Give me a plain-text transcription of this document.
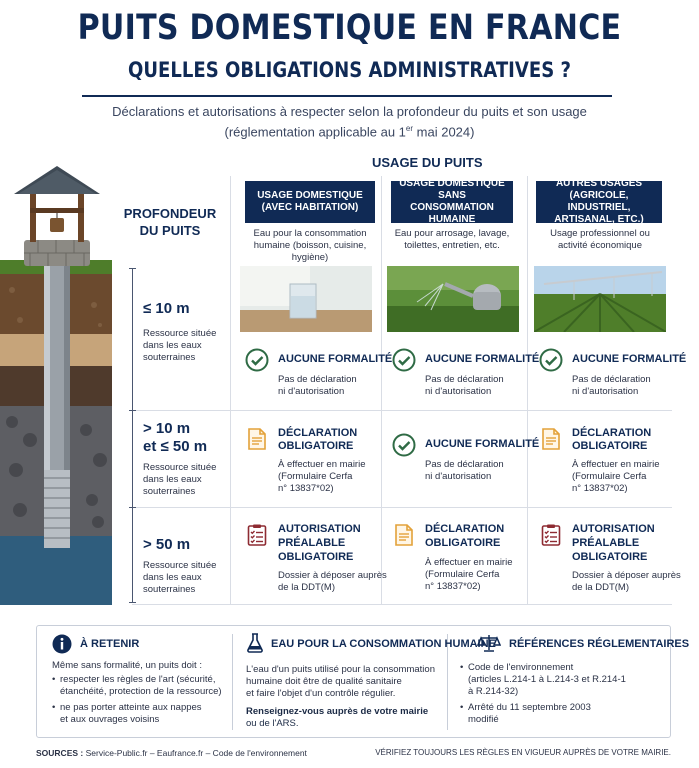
PUITS DOMESTIQUE EN FRANCE
QUELLES OBLIGATIONS ADMINISTRATIVES ?
Déclarations et autorisations à respecter selon la profondeur du puits et son usage
(réglementation applicable au 1er mai 2024)
USAGE DU PUITS
PROFONDEUR DU PUITS
USAGE DOMESTIQUE (AVEC HABITATION)
USAGE DOMESTIQUE SANS CONSOMMATION HUMAINE
AUTRES USAGES (AGRICOLE, INDUSTRIEL, ARTISANAL, ETC.)
Eau pour la consommation humaine (boisson, cuisine, hygiène)
Eau pour arrosage, lavage, toilettes, entretien, etc.
Usage professionnel ou activité économique
≤ 10 m
Ressource située dans les eaux souterraines	AUCUNE FORMALITÉ
Pas de déclaration
ni d'autorisation
AUCUNE FORMALITÉ
Pas de déclaration
ni d'autorisation
AUCUNE FORMALITÉ
Pas de déclaration
ni d'autorisation
> 10 m
et ≤ 50 m
Ressource située dans les eaux souterraines
DÉCLARATION
OBLIGATOIRE
À effectuer en mairie
(Formulaire Cerfa
n° 13837*02)
AUCUNE FORMALITÉ
Pas de déclaration
ni d'autorisation
DÉCLARATION
OBLIGATOIRE
À effectuer en mairie
(Formulaire Cerfa
n° 13837*02)
> 50 m
Ressource située dans les eaux souterraines
AUTORISATION
PRÉALABLE
OBLIGATOIRE
Dossier à déposer auprès
de la DDT(M)
DÉCLARATION
OBLIGATOIRE
À effectuer en mairie
(Formulaire Cerfa
n° 13837*02)
AUTORISATION
PRÉALABLE
OBLIGATOIRE
Dossier à déposer auprès
de la DDT(M)
À RETENIR
Même sans formalité, un puits doit :
• respecter les règles de l'art (sécurité,
étanchéité, protection de la ressource)
• ne pas porter atteinte aux nappes
et aux ouvrages voisins
EAU POUR LA CONSOMMATION HUMAINE
L'eau d'un puits utilisé pour la consommation
humaine doit être de qualité sanitaire
et faire l'objet d'un contrôle régulier.
Renseignez-vous auprès de votre mairie
ou de l'ARS.
RÉFÉRENCES RÉGLEMENTAIRES
• Code de l'environnement
(articles L.214-1 à L.214-3 et R.214-1
à R.214-32)
• Arrêté du 11 septembre 2003
modifié
SOURCES : Service-Public.fr – Eaufrance.fr – Code de l'environnement	VÉRIFIEZ TOUJOURS LES RÈGLES EN VIGUEUR AUPRÈS DE VOTRE MAIRIE.
